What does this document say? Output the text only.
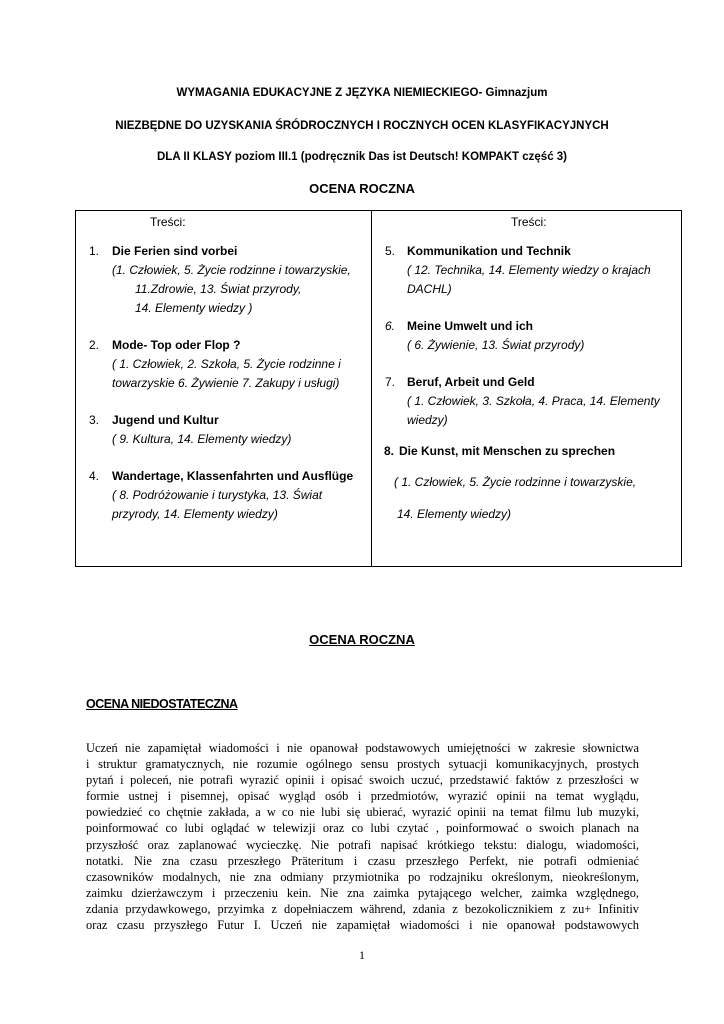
WYMAGANIA EDUKACYJNE Z JĘZYKA NIEMIECKIEGO- Gimnazjum
NIEZBĘDNE DO UZYSKANIA ŚRÓDROCZNYCH I ROCZNYCH OCEN KLASYFIKACYJNYCH
DLA II KLASY poziom III.1 (podręcznik Das ist Deutsch! KOMPAKT część 3)
OCENA ROCZNA
Treści:	Treści:
1. Die Ferien sind vorbei
(1. Człowiek, 5. Życie rodzinne i towarzyskie,
11.Zdrowie, 13. Świat przyrody,
14. Elementy wiedzy )
2. Mode- Top oder Flop ?
( 1. Człowiek, 2. Szkoła, 5. Życie rodzinne i
towarzyskie 6. Żywienie 7. Zakupy i usługi)
3. Jugend und Kultur
( 9. Kultura, 14. Elementy wiedzy)
4. Wandertage, Klassenfahrten und Ausflüge
( 8. Podróżowanie i turystyka, 13. Świat
przyrody, 14. Elementy wiedzy)
5. Kommunikation und Technik
( 12. Technika, 14. Elementy wiedzy o krajach
DACHL)
6. Meine Umwelt und ich
( 6. Żywienie, 13. Świat przyrody)
7. Beruf, Arbeit und Geld
( 1. Człowiek, 3. Szkoła, 4. Praca, 14. Elementy
wiedzy)
8. Die Kunst, mit Menschen zu sprechen
( 1. Człowiek, 5. Życie rodzinne i towarzyskie,
14. Elementy wiedzy)
OCENA ROCZNA
OCENA NIEDOSTATECZNA
Uczeń nie zapamiętał wiadomości i nie opanował podstawowych umiejętności w zakresie słownictwa
i struktur gramatycznych, nie rozumie ogólnego sensu prostych sytuacji komunikacyjnych, prostych
pytań i poleceń, nie potrafi wyrazić opinii i opisać swoich uczuć, przedstawić faktów z przeszłości w
formie ustnej i pisemnej, opisać wygląd osób i przedmiotów, wyrazić opinii na temat wyglądu,
powiedzieć co chętnie zakłada, a w co nie lubi się ubierać, wyrazić opinii na temat filmu lub muzyki,
poinformować co lubi oglądać w telewizji oraz co lubi czytać , poinformować o swoich planach na
przyszłość oraz zaplanować wycieczkę. Nie potrafi napisać krótkiego tekstu: dialogu, wiadomości,
notatki. Nie zna czasu przeszłego Präteritum i czasu przeszłego Perfekt, nie potrafi odmieniać
czasowników modalnych, nie zna odmiany przymiotnika po rodzajniku określonym, nieokreślonym,
zaimku dzierżawczym i przeczeniu kein. Nie zna zaimka pytającego welcher, zaimka względnego,
zdania przydawkowego, przyimka z dopełniaczem während, zdania z bezokolicznikiem z zu+ Infinitiv
oraz czasu przyszłego Futur I. Uczeń nie zapamiętał wiadomości i nie opanował podstawowych
1
